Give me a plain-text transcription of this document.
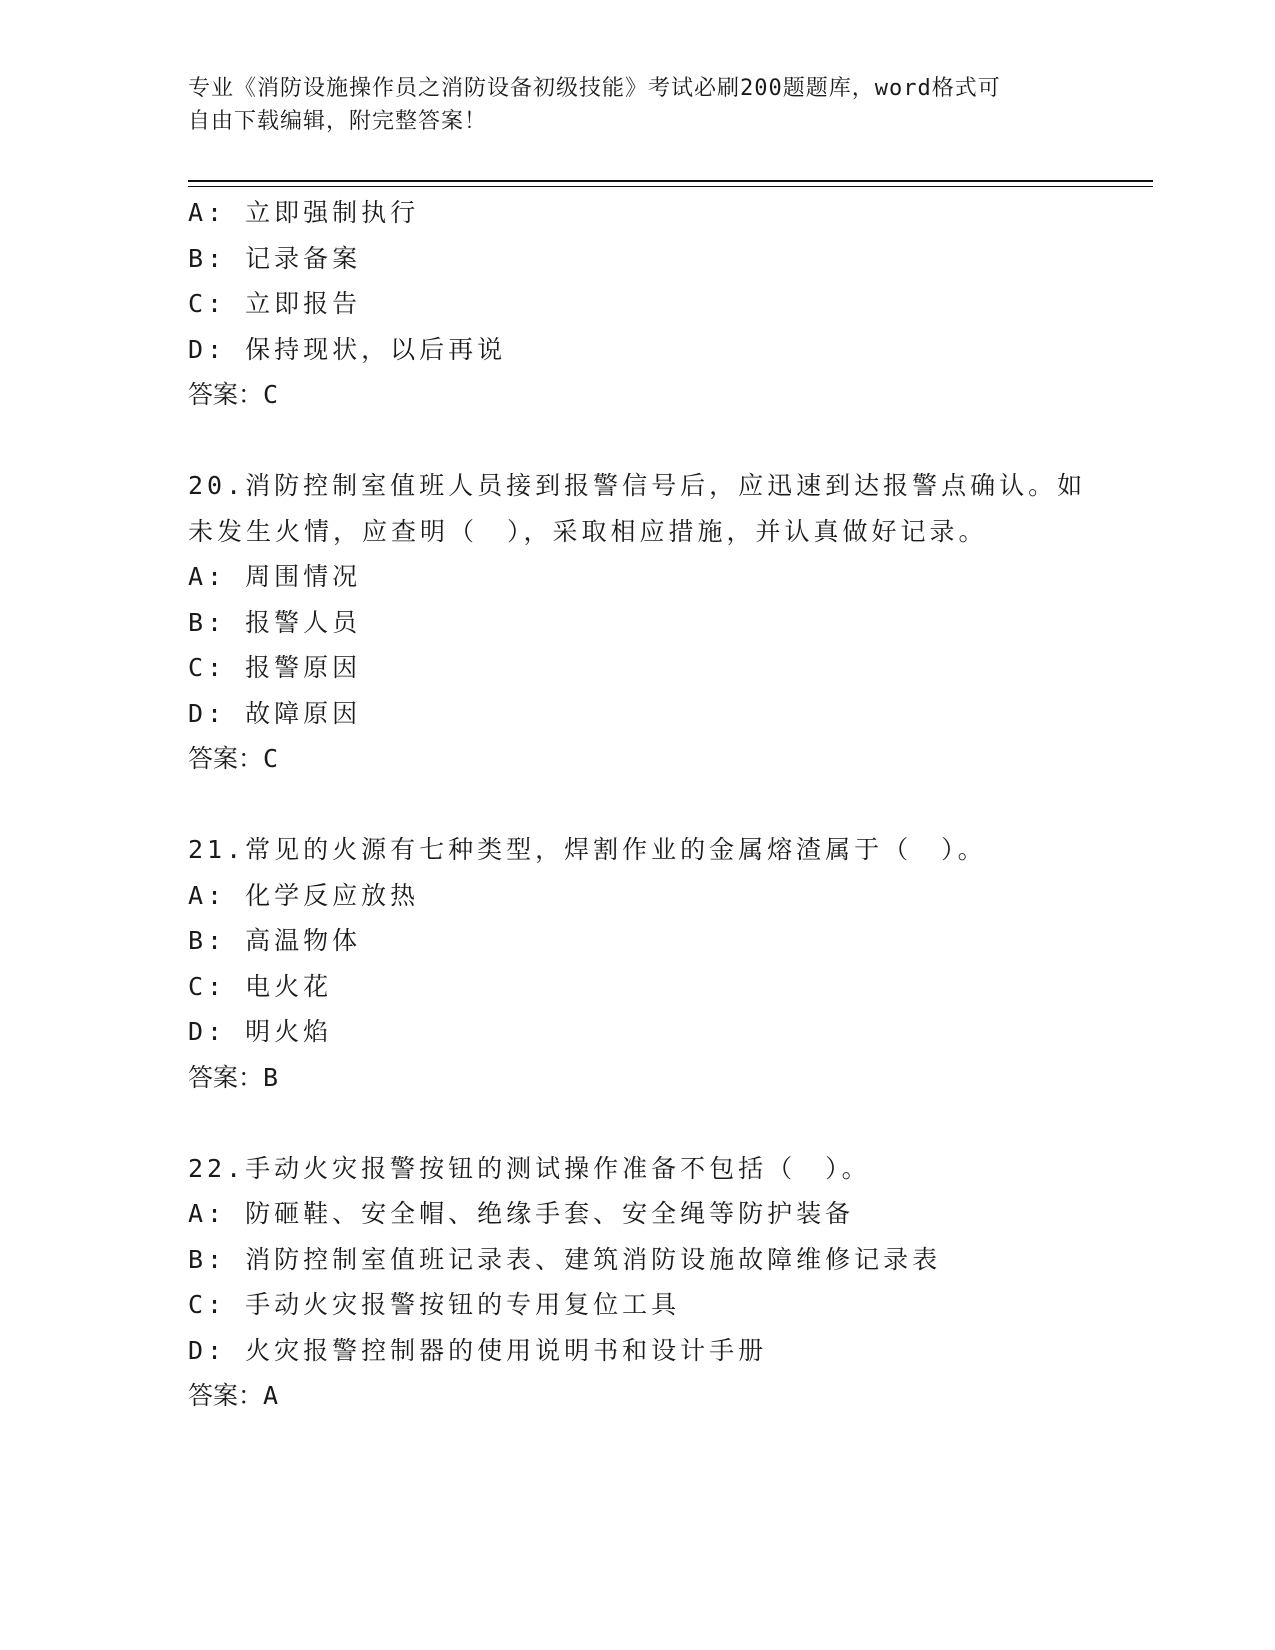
专业《消防设施操作员之消防设备初级技能》考试必刷200题题库，word格式可
自由下载编辑，附完整答案！
A: 立即强制执行
B: 记录备案
C: 立即报告
D: 保持现状，以后再说
答案：C
20.消防控制室值班人员接到报警信号后，应迅速到达报警点确认。如
未发生火情，应查明（　），采取相应措施，并认真做好记录。
A: 周围情况
B: 报警人员
C: 报警原因
D: 故障原因
答案：C
21.常见的火源有七种类型，焊割作业的金属熔渣属于（　）。
A: 化学反应放热
B: 高温物体
C: 电火花
D: 明火焰
答案：B
22.手动火灾报警按钮的测试操作准备不包括（　）。
A: 防砸鞋、安全帽、绝缘手套、安全绳等防护装备
B: 消防控制室值班记录表、建筑消防设施故障维修记录表
C: 手动火灾报警按钮的专用复位工具
D: 火灾报警控制器的使用说明书和设计手册
答案：A
